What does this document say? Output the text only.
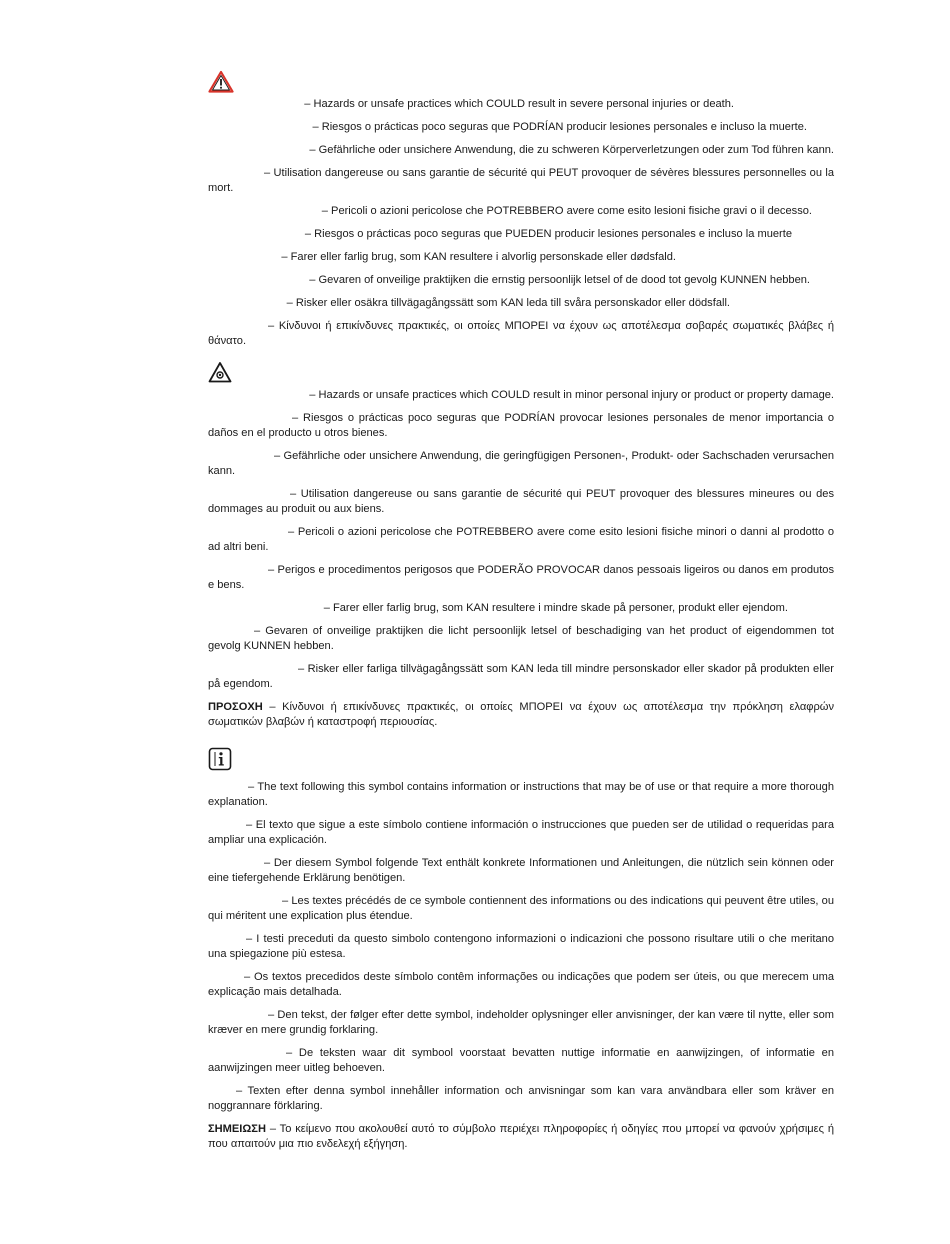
– Hazards or unsafe practices which COULD result in severe personal injuries or death.

– Riesgos o prácticas poco seguras que PODRÍAN producir lesiones personales e incluso la muerte.

– Gefährliche oder unsichere Anwendung, die zu schweren Körperverletzungen oder zum Tod führen kann.

– Utilisation dangereuse ou sans garantie de sécurité qui PEUT provoquer de sévères blessures personnelles ou la mort.

– Pericoli o azioni pericolose che POTREBBERO avere come esito lesioni fisiche gravi o il decesso.

– Riesgos o prácticas poco seguras que PUEDEN producir lesiones personales e incluso la muerte

– Farer eller farlig brug, som KAN resultere i alvorlig personskade eller dødsfald.

– Gevaren of onveilige praktijken die ernstig persoonlijk letsel of de dood tot gevolg KUNNEN hebben.

– Risker eller osäkra tillvägagångssätt som KAN leda till svåra personskador eller dödsfall.

– Κίνδυνοι ή επικίνδυνες πρακτικές, οι οποίες ΜΠΟΡΕΙ να έχουν ως αποτέλεσμα σοβαρές σωματικές βλάβες ή θάνατο.

– Hazards or unsafe practices which COULD result in minor personal injury or product or property damage.

– Riesgos o prácticas poco seguras que PODRÍAN provocar lesiones personales de menor importancia o daños en el producto u otros bienes.

– Gefährliche oder unsichere Anwendung, die geringfügigen Personen-, Produkt- oder Sachschaden verursachen kann.

– Utilisation dangereuse ou sans garantie de sécurité qui PEUT provoquer des blessures mineures ou des dommages au produit ou aux biens.

– Pericoli o azioni pericolose che POTREBBERO avere come esito lesioni fisiche minori o danni al prodotto o ad altri beni.

– Perigos e procedimentos perigosos que PODERÃO PROVOCAR danos pessoais ligeiros ou danos em produtos e bens.

– Farer eller farlig brug, som KAN resultere i mindre skade på personer, produkt eller ejendom.

– Gevaren of onveilige praktijken die licht persoonlijk letsel of beschadiging van het product of eigendommen tot gevolg KUNNEN hebben.

– Risker eller farliga tillvägagångssätt som KAN leda till mindre personskador eller skador på produkten eller på egendom.

ΠΡΟΣΟΧΗ – Κίνδυνοι ή επικίνδυνες πρακτικές, οι οποίες ΜΠΟΡΕΙ να έχουν ως αποτέλεσμα την πρόκληση ελαφρών σωματικών βλαβών ή καταστροφή περιουσίας.

– The text following this symbol contains information or instructions that may be of use or that require a more thorough explanation.

– El texto que sigue a este símbolo contiene información o instrucciones que pueden ser de utilidad o requeridas para ampliar una explicación.

– Der diesem Symbol folgende Text enthält konkrete Informationen und Anleitungen, die nützlich sein können oder eine tiefergehende Erklärung benötigen.

– Les textes précédés de ce symbole contiennent des informations ou des indications qui peuvent être utiles, ou qui méritent une explication plus étendue.

– I testi preceduti da questo simbolo contengono informazioni o indicazioni che possono risultare utili o che meritano una spiegazione più estesa.

– Os textos precedidos deste símbolo contêm informações ou indicações que podem ser úteis, ou que merecem uma explicação mais detalhada.

– Den tekst, der følger efter dette symbol, indeholder oplysninger eller anvisninger, der kan være til nytte, eller som kræver en mere grundig forklaring.

– De teksten waar dit symbool voorstaat bevatten nuttige informatie en aanwijzingen, of informatie en aanwijzingen meer uitleg behoeven.

– Texten efter denna symbol innehåller information och anvisningar som kan vara användbara eller som kräver en noggrannare förklaring.

ΣΗΜΕΙΩΣΗ – Το κείμενο που ακολουθεί αυτό το σύμβολο περιέχει πληροφορίες ή οδηγίες που μπορεί να φανούν χρήσιμες ή που απαιτούν μια πιο ενδελεχή εξήγηση.
